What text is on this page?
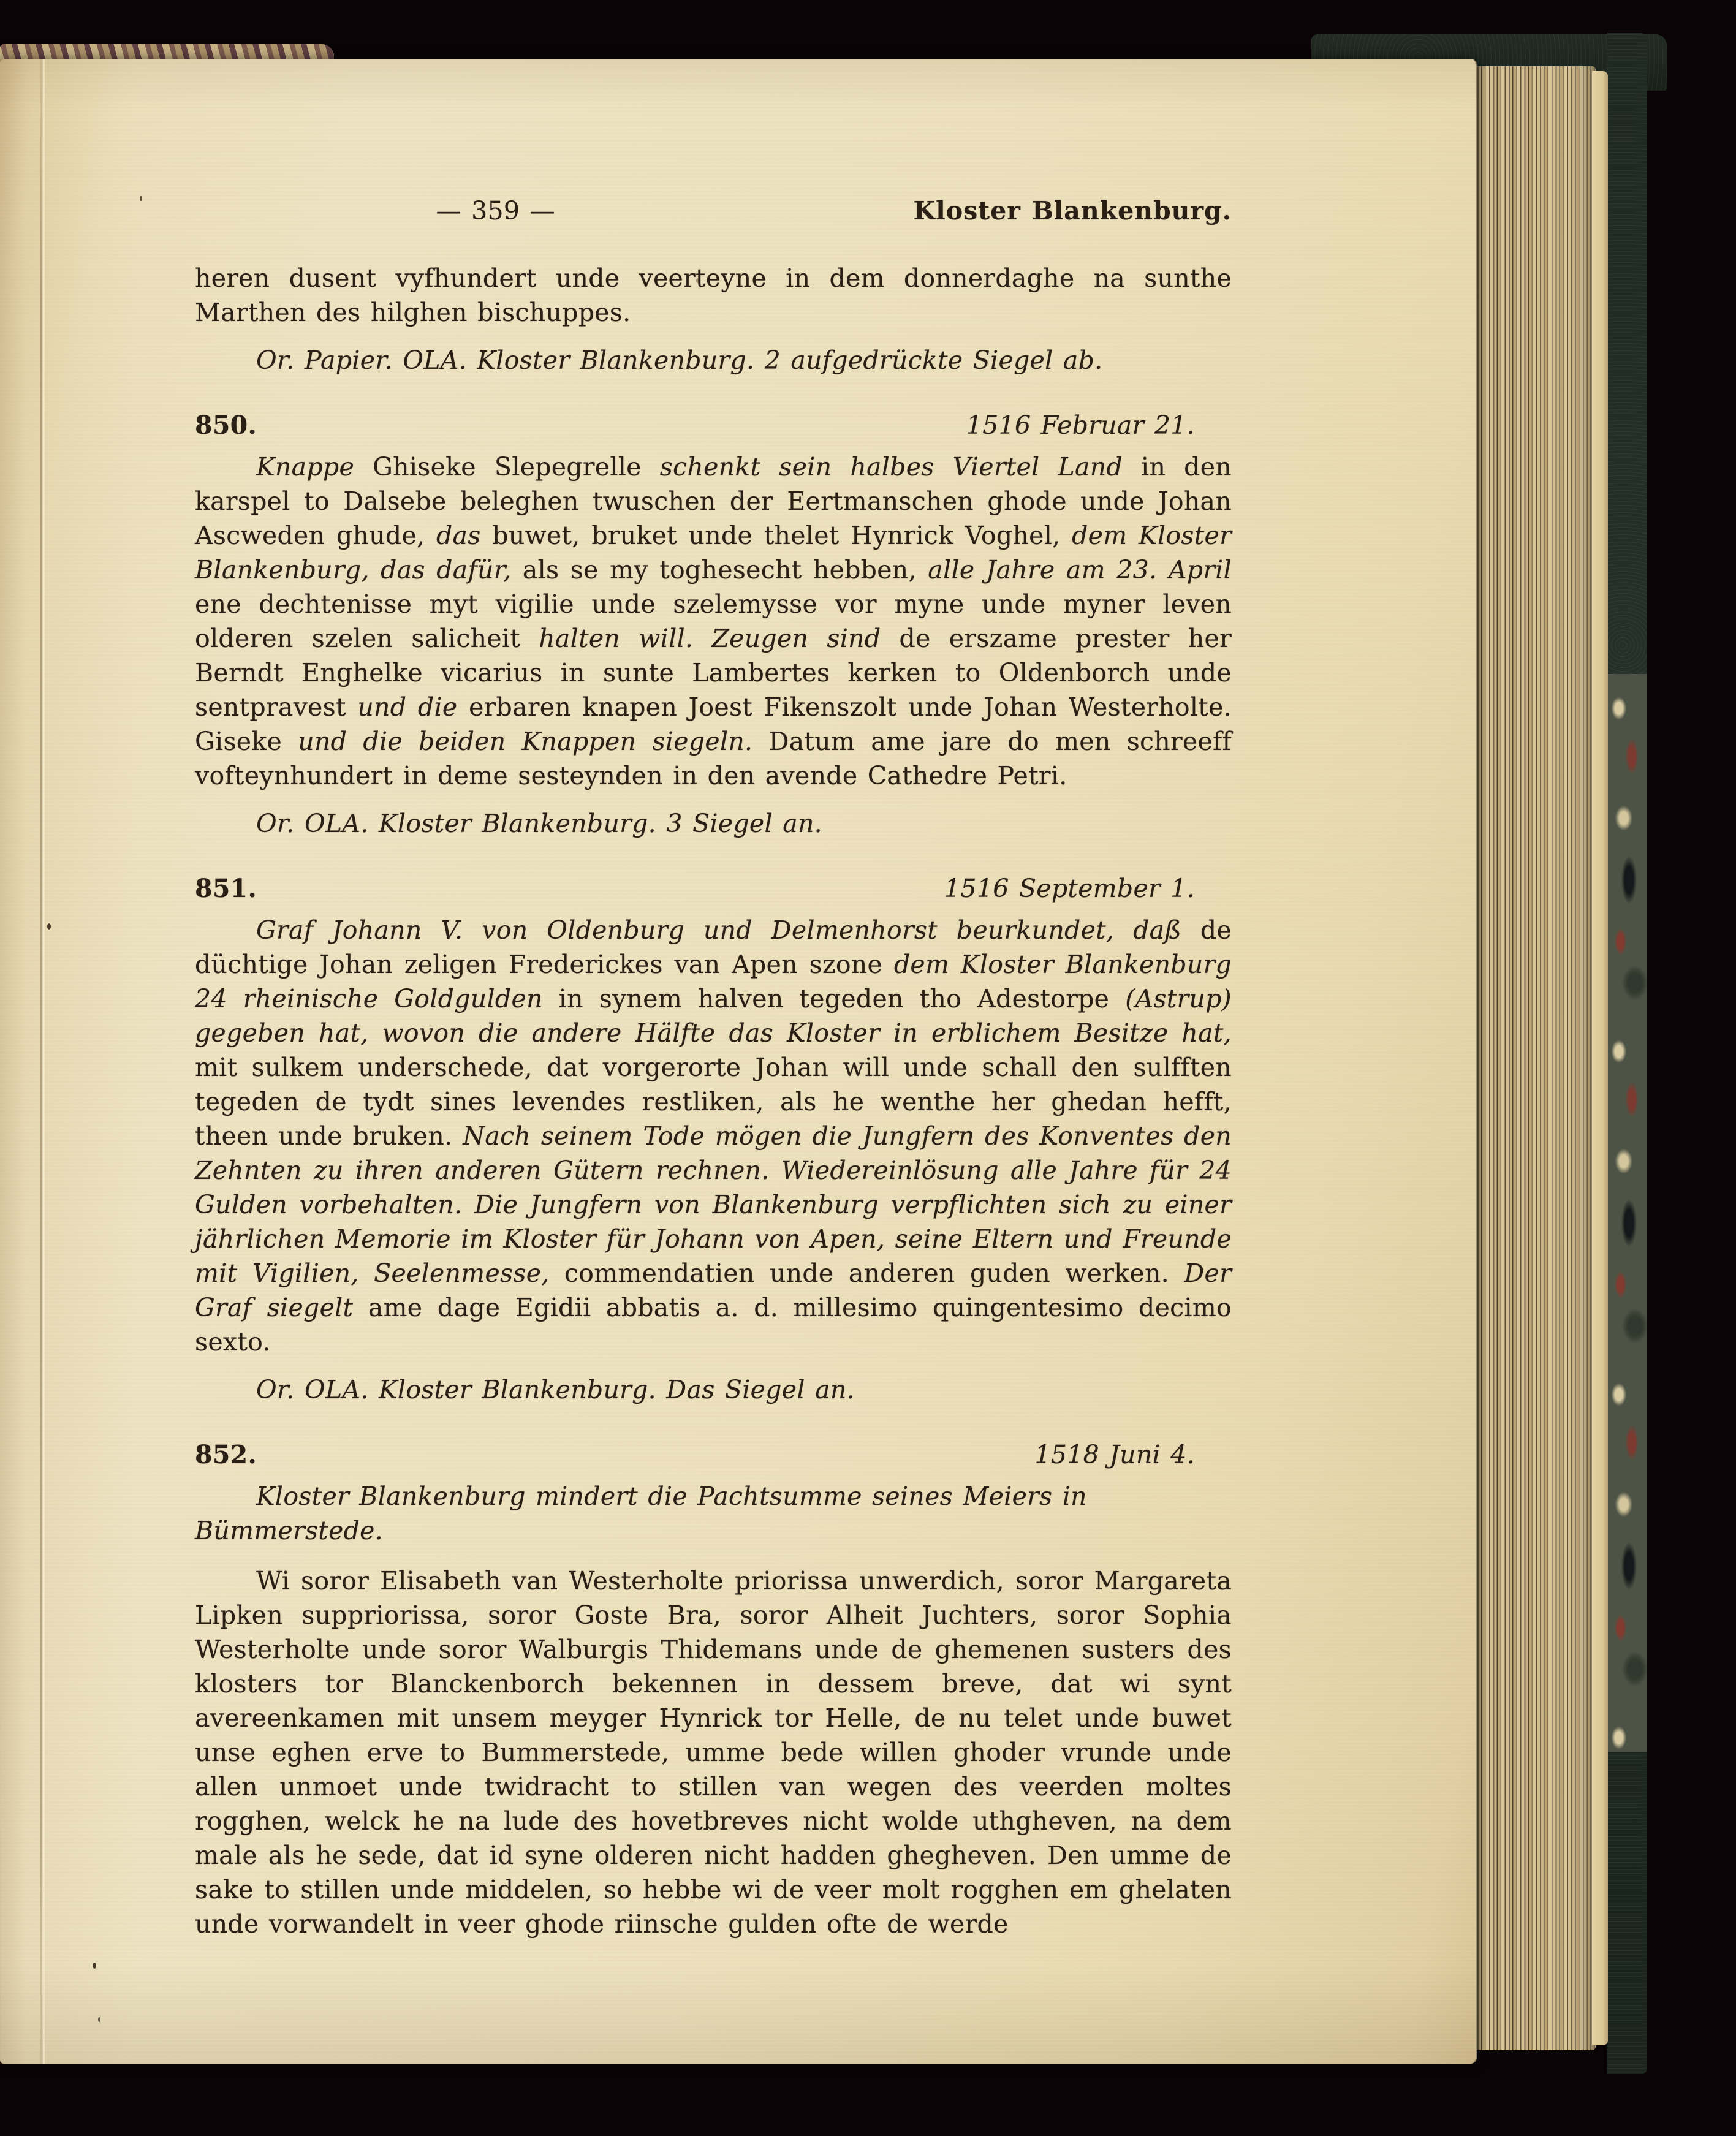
— 359 —	Kloster Blankenburg.

heren dusent vyfhundert unde veerteyne in dem donnerdaghe na sunthe Marthen des hilghen bischuppes.

Or. Papier. OLA. Kloster Blankenburg. 2 aufgedrückte Siegel ab.

850.	1516 Februar 21.

Knappe Ghiseke Slepegrelle schenkt sein halbes Viertel Land in den karspel to Dalsebe beleghen twuschen der Eertmanschen ghode unde Johan Ascweden ghude, das buwet, bruket unde thelet Hynrick Voghel, dem Kloster Blankenburg, das dafür, als se my toghesecht hebben, alle Jahre am 23. April ene dechtenisse myt vigilie unde szelemysse vor myne unde myner leven olderen szelen salicheit halten will. Zeugen sind de erszame prester her Berndt Enghelke vicarius in sunte Lambertes kerken to Oldenborch unde sentpravest und die erbaren knapen Joest Fikenszolt unde Johan Westerholte. Giseke und die beiden Knappen siegeln. Datum ame jare do men schreeff vofteynhundert in deme sesteynden in den avende Cathedre Petri.

Or. OLA. Kloster Blankenburg. 3 Siegel an.

851.	1516 September 1.

Graf Johann V. von Oldenburg und Delmenhorst beurkundet, daß de düchtige Johan zeligen Frederickes van Apen szone dem Kloster Blankenburg 24 rheinische Goldgulden in synem halven tegeden tho Adestorpe (Astrup) gegeben hat, wovon die andere Hälfte das Kloster in erblichem Besitze hat, mit sulkem underschede, dat vorgerorte Johan will unde schall den sulfften tegeden de tydt sines levendes restliken, als he wenthe her ghedan hefft, theen unde bruken. Nach seinem Tode mögen die Jungfern des Konventes den Zehnten zu ihren anderen Gütern rechnen. Wiedereinlösung alle Jahre für 24 Gulden vorbehalten. Die Jungfern von Blankenburg verpflichten sich zu einer jährlichen Memorie im Kloster für Johann von Apen, seine Eltern und Freunde mit Vigilien, Seelenmesse, commendatien unde anderen guden werken. Der Graf siegelt ame dage Egidii abbatis a. d. millesimo quingentesimo decimo sexto.

Or. OLA. Kloster Blankenburg. Das Siegel an.

852.	1518 Juni 4.

Kloster Blankenburg mindert die Pachtsumme seines Meiers in Bümmerstede.

Wi soror Elisabeth van Westerholte priorissa unwerdich, soror Margareta Lipken suppriorissa, soror Goste Bra, soror Alheit Juchters, soror Sophia Westerholte unde soror Walburgis Thidemans unde de ghemenen susters des klosters tor Blanckenborch bekennen in dessem breve, dat wi synt avereenkamen mit unsem meyger Hynrick tor Helle, de nu telet unde buwet unse eghen erve to Bummerstede, umme bede willen ghoder vrunde unde allen unmoet unde twidracht to stillen van wegen des veerden moltes rogghen, welck he na lude des hovetbreves nicht wolde uthgheven, na dem male als he sede, dat id syne olderen nicht hadden ghegheven. Den umme de sake to stillen unde middelen, so hebbe wi de veer molt rogghen em ghelaten unde vorwandelt in veer ghode riinsche gulden ofte de werde
